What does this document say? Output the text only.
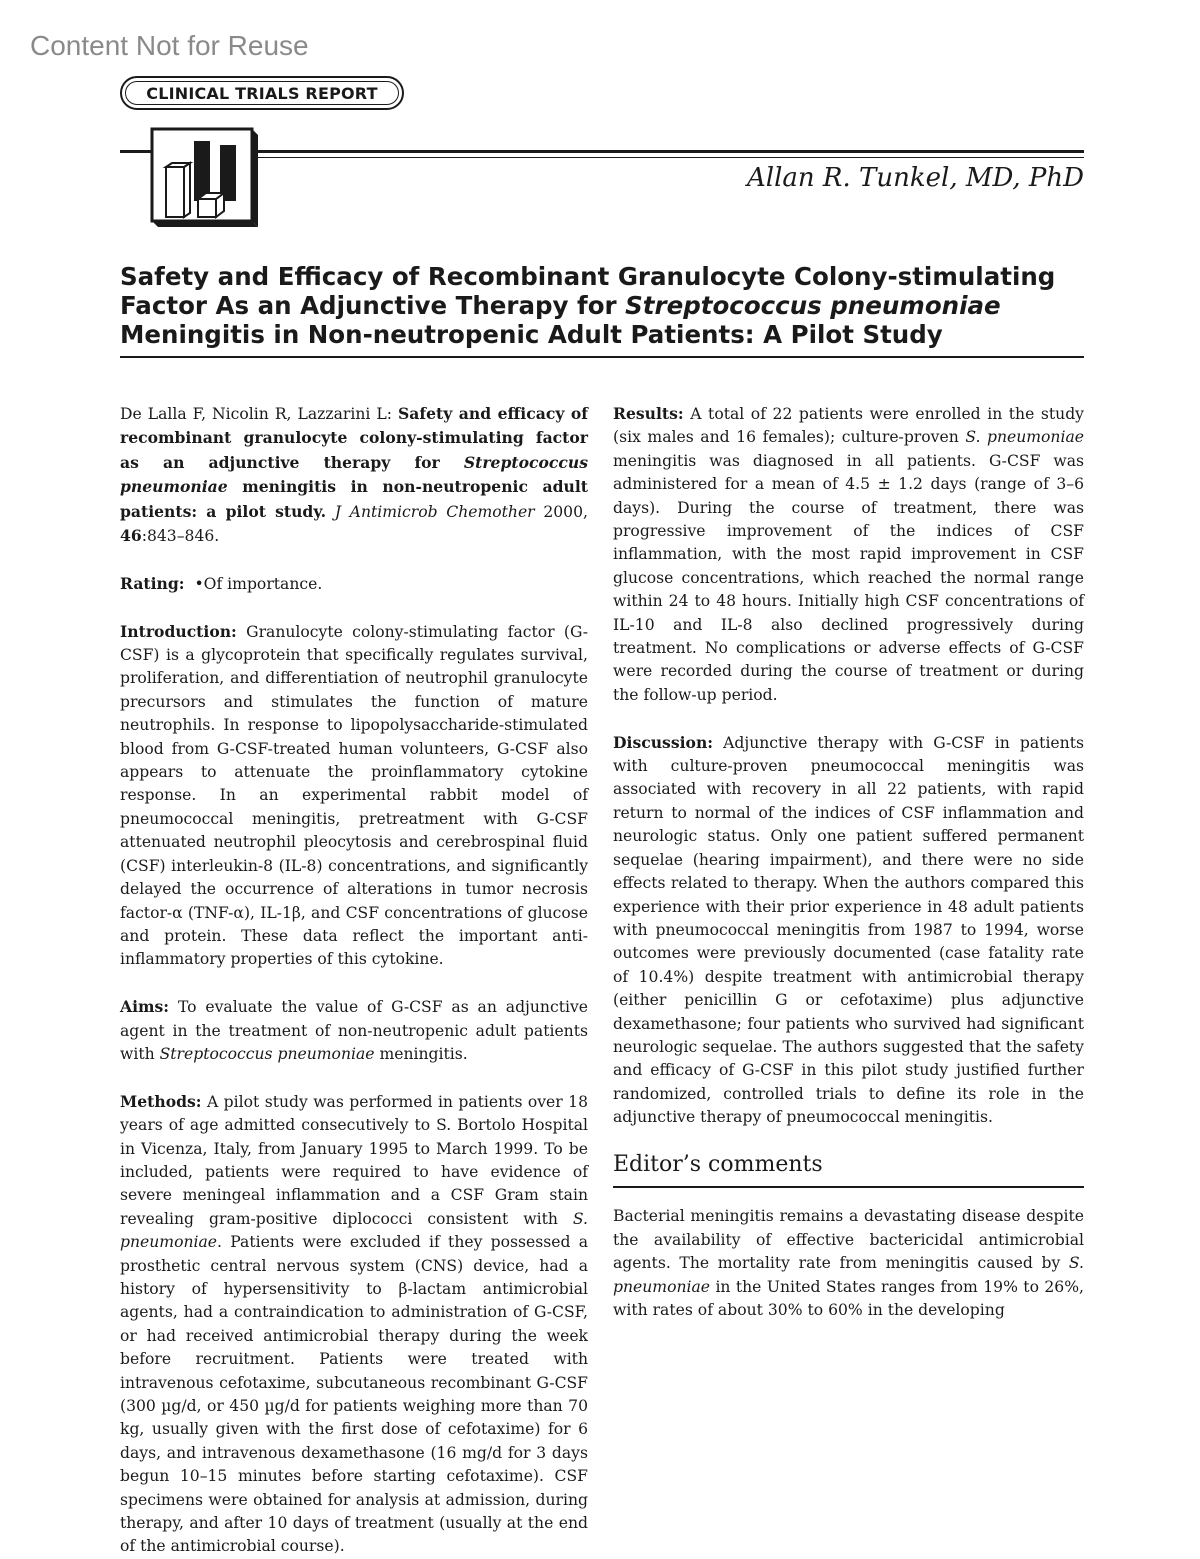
Content Not for Reuse
CLINICAL TRIALS REPORT
Allan R. Tunkel, MD, PhD
Safety and Efficacy of Recombinant Granulocyte Colony-stimulating Factor As an Adjunctive Therapy for Streptococcus pneumoniae Meningitis in Non-neutropenic Adult Patients: A Pilot Study

De Lalla F, Nicolin R, Lazzarini L: Safety and efficacy of recombinant granulocyte colony-stimulating factor as an adjunctive therapy for Streptococcus pneumoniae meningitis in non-neutropenic adult patients: a pilot study. J Antimicrob Chemother 2000, 46:843–846.

Rating: •Of importance.

Introduction: Granulocyte colony-stimulating factor (G-CSF) is a glycoprotein that specifically regulates survival, proliferation, and differentiation of neutrophil granulocyte precursors and stimulates the function of mature neutrophils. In response to lipopolysaccharide-stimulated blood from G-CSF-treated human volunteers, G-CSF also appears to attenuate the proinflammatory cytokine response. In an experimental rabbit model of pneumococcal meningitis, pretreatment with G-CSF attenuated neutrophil pleocytosis and cerebrospinal fluid (CSF) interleukin-8 (IL-8) concentrations, and significantly delayed the occurrence of alterations in tumor necrosis factor-α (TNF-α), IL-1β, and CSF concentrations of glucose and protein. These data reflect the important anti-inflammatory properties of this cytokine.

Aims: To evaluate the value of G-CSF as an adjunctive agent in the treatment of non-neutropenic adult patients with Streptococcus pneumoniae meningitis.

Methods: A pilot study was performed in patients over 18 years of age admitted consecutively to S. Bortolo Hospital in Vicenza, Italy, from January 1995 to March 1999. To be included, patients were required to have evidence of severe meningeal inflammation and a CSF Gram stain revealing gram-positive diplococci consistent with S. pneumoniae. Patients were excluded if they possessed a prosthetic central nervous system (CNS) device, had a history of hypersensitivity to β-lactam antimicrobial agents, had a contraindication to administration of G-CSF, or had received antimicrobial therapy during the week before recruitment. Patients were treated with intravenous cefotaxime, subcutaneous recombinant G-CSF (300 µg/d, or 450 µg/d for patients weighing more than 70 kg, usually given with the first dose of cefotaxime) for 6 days, and intravenous dexamethasone (16 mg/d for 3 days begun 10–15 minutes before starting cefotaxime). CSF specimens were obtained for analysis at admission, during therapy, and after 10 days of treatment (usually at the end of the antimicrobial course).

Results: A total of 22 patients were enrolled in the study (six males and 16 females); culture-proven S. pneumoniae meningitis was diagnosed in all patients. G-CSF was administered for a mean of 4.5 ± 1.2 days (range of 3–6 days). During the course of treatment, there was progressive improvement of the indices of CSF inflammation, with the most rapid improvement in CSF glucose concentrations, which reached the normal range within 24 to 48 hours. Initially high CSF concentrations of IL-10 and IL-8 also declined progressively during treatment. No complications or adverse effects of G-CSF were recorded during the course of treatment or during the follow-up period.

Discussion: Adjunctive therapy with G-CSF in patients with culture-proven pneumococcal meningitis was associated with recovery in all 22 patients, with rapid return to normal of the indices of CSF inflammation and neurologic status. Only one patient suffered permanent sequelae (hearing impairment), and there were no side effects related to therapy. When the authors compared this experience with their prior experience in 48 adult patients with pneumococcal meningitis from 1987 to 1994, worse outcomes were previously documented (case fatality rate of 10.4%) despite treatment with antimicrobial therapy (either penicillin G or cefotaxime) plus adjunctive dexamethasone; four patients who survived had significant neurologic sequelae. The authors suggested that the safety and efficacy of G-CSF in this pilot study justified further randomized, controlled trials to define its role in the adjunctive therapy of pneumococcal meningitis.

Editor’s comments

Bacterial meningitis remains a devastating disease despite the availability of effective bactericidal antimicrobial agents. The mortality rate from meningitis caused by S. pneumoniae in the United States ranges from 19% to 26%, with rates of about 30% to 60% in the developing
